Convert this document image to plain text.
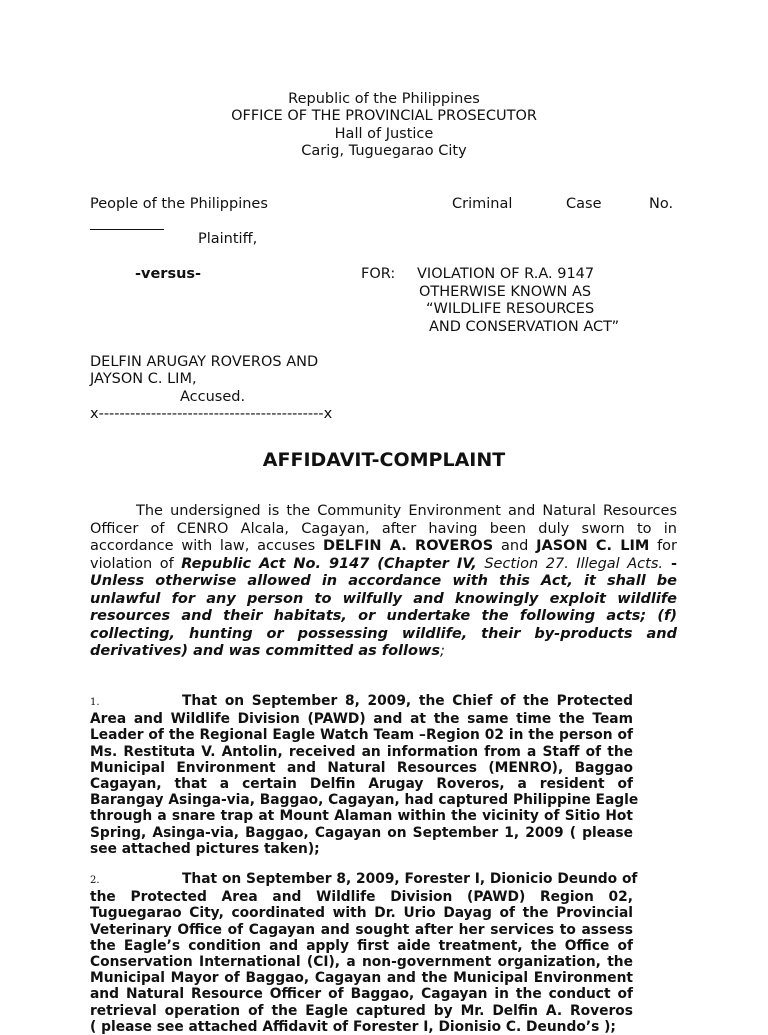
Republic of the Philippines

OFFICE OF THE PROVINCIAL PROSECUTOR

Hall of Justice

Carig, Tuguegarao City

People of the Philippines	Criminal	Case	No.

Plaintiff,

-versus-	FOR: VIOLATION OF R.A. 9147

OTHERWISE KNOWN AS

“WILDLIFE RESOURCES

AND CONSERVATION ACT”

DELFIN ARUGAY ROVEROS AND

JAYSON C. LIM,

Accused.

x-------------------------------------------x

AFFIDAVIT-COMPLAINT

The undersigned is the Community Environment and Natural Resources
Officer of CENRO Alcala, Cagayan, after having been duly sworn to in
accordance with law, accuses DELFIN A. ROVEROS and JASON C. LIM for
violation of Republic Act No. 9147 (Chapter IV, Section 27. Illegal Acts. -
Unless otherwise allowed in accordance with this Act, it shall be
unlawful for any person to wilfully and knowingly exploit wildlife
resources and their habitats, or undertake the following acts; (f)
collecting, hunting or possessing wildlife, their by-products and
derivatives) and was committed as follows;
1.	That on September 8, 2009, the Chief of the Protected
Area and Wildlife Division (PAWD) and at the same time the Team
Leader of the Regional Eagle Watch Team –Region 02 in the person of
Ms. Restituta V. Antolin, received an information from a Staff of the
Municipal Environment and Natural Resources (MENRO), Baggao
Cagayan, that a certain Delfin Arugay Roveros, a resident of
Barangay Asinga-via, Baggao, Cagayan, had captured Philippine Eagle
through a snare trap at Mount Alaman within the vicinity of Sitio Hot
Spring, Asinga-via, Baggao, Cagayan on September 1, 2009 ( please
see attached pictures taken);
2.	That on September 8, 2009, Forester I, Dionicio Deundo of
the Protected Area and Wildlife Division (PAWD) Region 02,
Tuguegarao City, coordinated with Dr. Urio Dayag of the Provincial
Veterinary Office of Cagayan and sought after her services to assess
the Eagle’s condition and apply first aide treatment, the Office of
Conservation International (CI), a non-government organization, the
Municipal Mayor of Baggao, Cagayan and the Municipal Environment
and Natural Resource Officer of Baggao, Cagayan in the conduct of
retrieval operation of the Eagle captured by Mr. Delfin A. Roveros
( please see attached Affidavit of Forester I, Dionisio C. Deundo’s );
